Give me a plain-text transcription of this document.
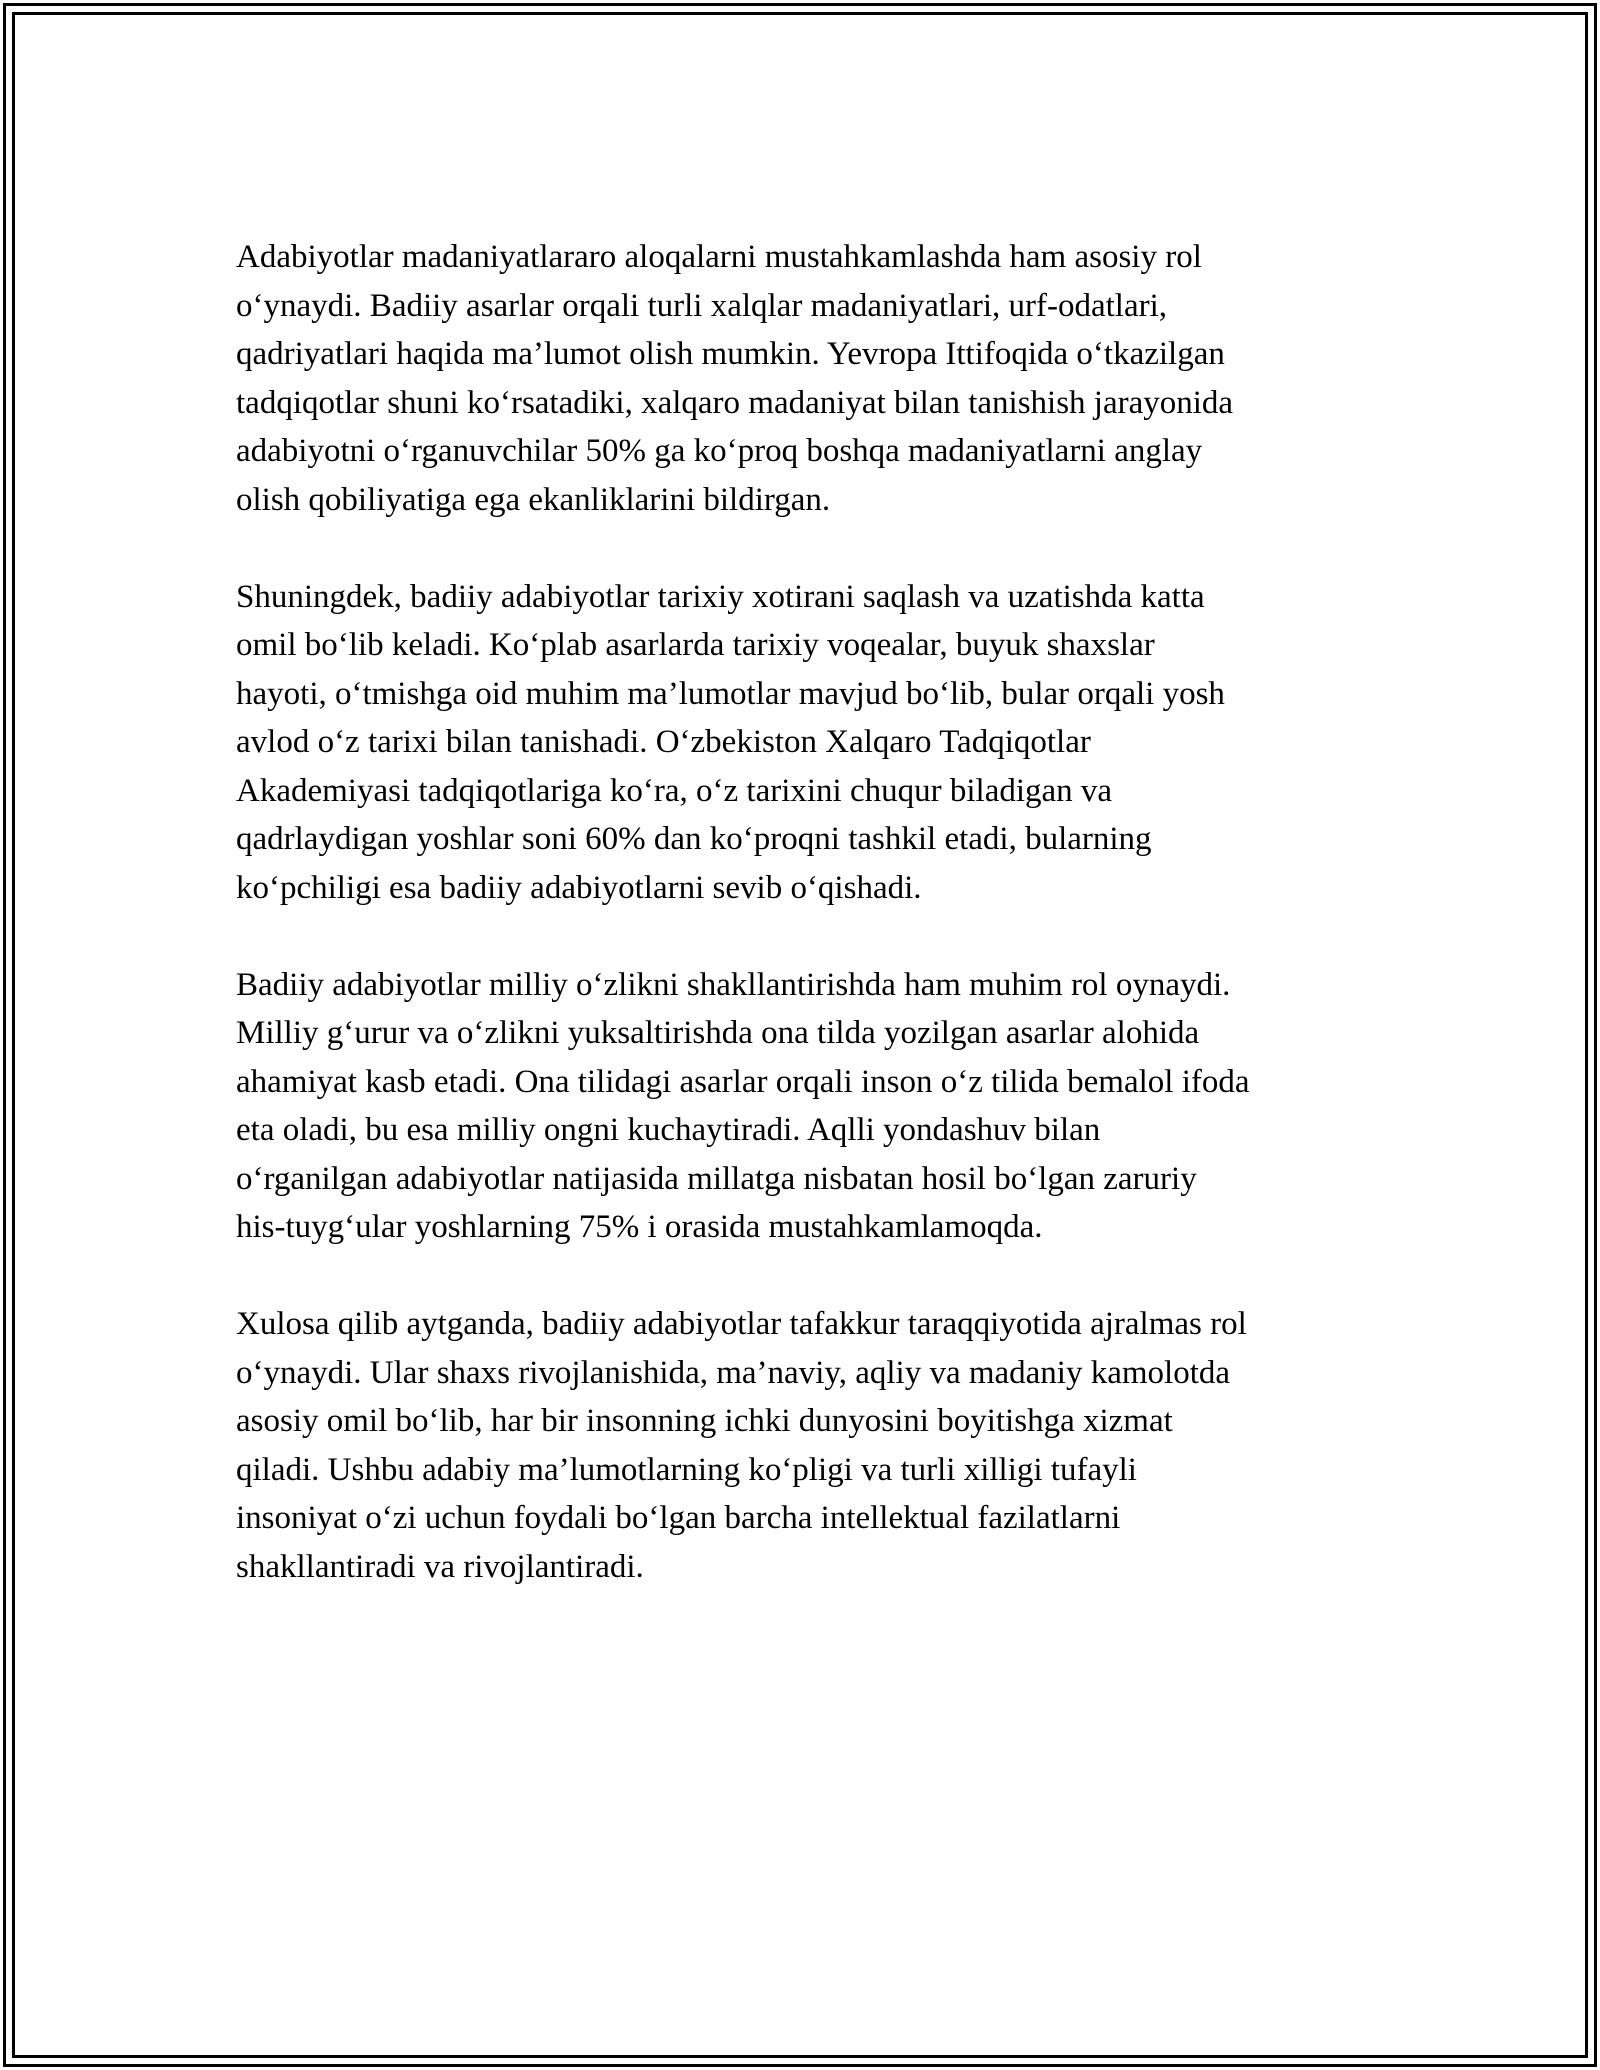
Adabiyotlar madaniyatlararo aloqalarni mustahkamlashda ham asosiy rol
o‘ynaydi. Badiiy asarlar orqali turli xalqlar madaniyatlari, urf-odatlari,
qadriyatlari haqida ma’lumot olish mumkin. Yevropa Ittifoqida o‘tkazilgan
tadqiqotlar shuni ko‘rsatadiki, xalqaro madaniyat bilan tanishish jarayonida
adabiyotni o‘rganuvchilar 50% ga ko‘proq boshqa madaniyatlarni anglay
olish qobiliyatiga ega ekanliklarini bildirgan.

Shuningdek, badiiy adabiyotlar tarixiy xotirani saqlash va uzatishda katta
omil bo‘lib keladi. Ko‘plab asarlarda tarixiy voqealar, buyuk shaxslar
hayoti, o‘tmishga oid muhim ma’lumotlar mavjud bo‘lib, bular orqali yosh
avlod o‘z tarixi bilan tanishadi. O‘zbekiston Xalqaro Tadqiqotlar
Akademiyasi tadqiqotlariga ko‘ra, o‘z tarixini chuqur biladigan va
qadrlaydigan yoshlar soni 60% dan ko‘proqni tashkil etadi, bularning
ko‘pchiligi esa badiiy adabiyotlarni sevib o‘qishadi.

Badiiy adabiyotlar milliy o‘zlikni shakllantirishda ham muhim rol oynaydi.
Milliy g‘urur va o‘zlikni yuksaltirishda ona tilda yozilgan asarlar alohida
ahamiyat kasb etadi. Ona tilidagi asarlar orqali inson o‘z tilida bemalol ifoda
eta oladi, bu esa milliy ongni kuchaytiradi. Aqlli yondashuv bilan
o‘rganilgan adabiyotlar natijasida millatga nisbatan hosil bo‘lgan zaruriy
his-tuyg‘ular yoshlarning 75% i orasida mustahkamlamoqda.

Xulosa qilib aytganda, badiiy adabiyotlar tafakkur taraqqiyotida ajralmas rol
o‘ynaydi. Ular shaxs rivojlanishida, ma’naviy, aqliy va madaniy kamolotda
asosiy omil bo‘lib, har bir insonning ichki dunyosini boyitishga xizmat
qiladi. Ushbu adabiy ma’lumotlarning ko‘pligi va turli xilligi tufayli
insoniyat o‘zi uchun foydali bo‘lgan barcha intellektual fazilatlarni
shakllantiradi va rivojlantiradi.
